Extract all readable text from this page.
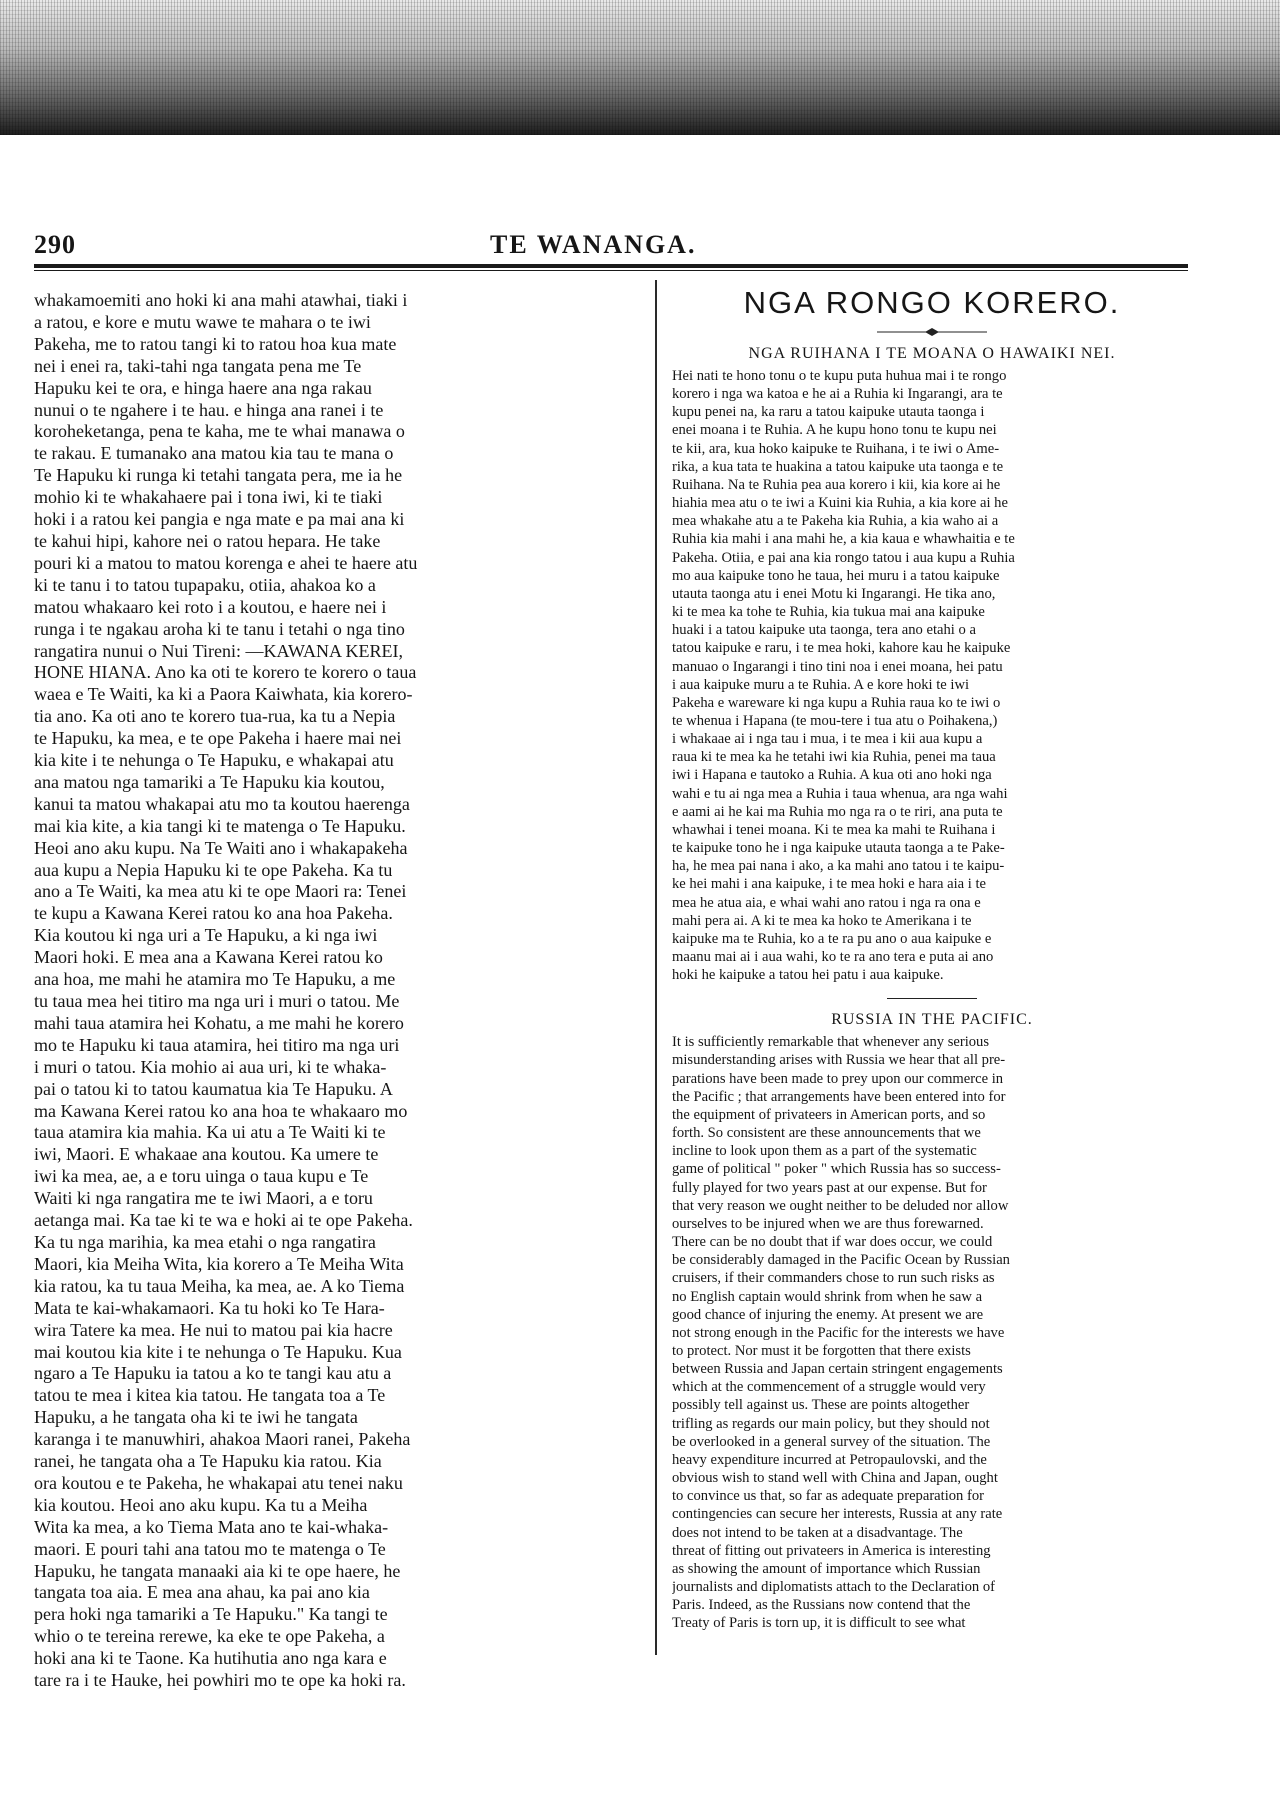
290	TE WANANGA.
whakamoemiti ano hoki ki ana mahi atawhai, tiaki i
a ratou, e kore e mutu wawe te mahara o te iwi
Pakeha, me to ratou tangi ki to ratou hoa kua mate
nei i enei ra, taki-tahi nga tangata pena me Te
Hapuku kei te ora, e hinga haere ana nga rakau
nunui o te ngahere i te hau. e hinga ana ranei i te
koroheketanga, pena te kaha, me te whai manawa o
te rakau. E tumanako ana matou kia tau te mana o
Te Hapuku ki runga ki tetahi tangata pera, me ia he
mohio ki te whakahaere pai i tona iwi, ki te tiaki
hoki i a ratou kei pangia e nga mate e pa mai ana ki
te kahui hipi, kahore nei o ratou hepara. He take
pouri ki a matou to matou korenga e ahei te haere atu
ki te tanu i to tatou tupapaku, otiia, ahakoa ko a
matou whakaaro kei roto i a koutou, e haere nei i
runga i te ngakau aroha ki te tanu i tetahi o nga tino
rangatira nunui o Nui Tireni: —KAWANA KEREI,
HONE HIANA. Ano ka oti te korero te korero o taua
waea e Te Waiti, ka ki a Paora Kaiwhata, kia korero-
tia ano. Ka oti ano te korero tua-rua, ka tu a Nepia
te Hapuku, ka mea, e te ope Pakeha i haere mai nei
kia kite i te nehunga o Te Hapuku, e whakapai atu
ana matou nga tamariki a Te Hapuku kia koutou,
kanui ta matou whakapai atu mo ta koutou haerenga
mai kia kite, a kia tangi ki te matenga o Te Hapuku.
Heoi ano aku kupu. Na Te Waiti ano i whakapakeha
aua kupu a Nepia Hapuku ki te ope Pakeha. Ka tu
ano a Te Waiti, ka mea atu ki te ope Maori ra: Tenei
te kupu a Kawana Kerei ratou ko ana hoa Pakeha.
Kia koutou ki nga uri a Te Hapuku, a ki nga iwi
Maori hoki. E mea ana a Kawana Kerei ratou ko
ana hoa, me mahi he atamira mo Te Hapuku, a me
tu taua mea hei titiro ma nga uri i muri o tatou. Me
mahi taua atamira hei Kohatu, a me mahi he korero
mo te Hapuku ki taua atamira, hei titiro ma nga uri
i muri o tatou. Kia mohio ai aua uri, ki te whaka-
pai o tatou ki to tatou kaumatua kia Te Hapuku. A
ma Kawana Kerei ratou ko ana hoa te whakaaro mo
taua atamira kia mahia. Ka ui atu a Te Waiti ki te
iwi, Maori. E whakaae ana koutou. Ka umere te
iwi ka mea, ae, a e toru uinga o taua kupu e Te
Waiti ki nga rangatira me te iwi Maori, a e toru
aetanga mai. Ka tae ki te wa e hoki ai te ope Pakeha.
Ka tu nga marihia, ka mea etahi o nga rangatira
Maori, kia Meiha Wita, kia korero a Te Meiha Wita
kia ratou, ka tu taua Meiha, ka mea, ae. A ko Tiema
Mata te kai-whakamaori. Ka tu hoki ko Te Hara-
wira Tatere ka mea. He nui to matou pai kia hacre
mai koutou kia kite i te nehunga o Te Hapuku. Kua
ngaro a Te Hapuku ia tatou a ko te tangi kau atu a
tatou te mea i kitea kia tatou. He tangata toa a Te
Hapuku, a he tangata oha ki te iwi he tangata
karanga i te manuwhiri, ahakoa Maori ranei, Pakeha
ranei, he tangata oha a Te Hapuku kia ratou. Kia
ora koutou e te Pakeha, he whakapai atu tenei naku
kia koutou. Heoi ano aku kupu. Ka tu a Meiha
Wita ka mea, a ko Tiema Mata ano te kai-whaka-
maori. E pouri tahi ana tatou mo te matenga o Te
Hapuku, he tangata manaaki aia ki te ope haere, he
tangata toa aia. E mea ana ahau, ka pai ano kia
pera hoki nga tamariki a Te Hapuku." Ka tangi te
whio o te tereina rerewe, ka eke te ope Pakeha, a
hoki ana ki te Taone. Ka hutihutia ano nga kara e
tare ra i te Hauke, hei powhiri mo te ope ka hoki ra.
NGA RONGO KORERO.
NGA RUIHANA I TE MOANA O HAWAIKI NEI.
Hei nati te hono tonu o te kupu puta huhua mai i te rongo
korero i nga wa katoa e he ai a Ruhia ki Ingarangi, ara te
kupu penei na, ka raru a tatou kaipuke utauta taonga i
enei moana i te Ruhia. A he kupu hono tonu te kupu nei
te kii, ara, kua hoko kaipuke te Ruihana, i te iwi o Ame-
rika, a kua tata te huakina a tatou kaipuke uta taonga e te
Ruihana. Na te Ruhia pea aua korero i kii, kia kore ai he
hiahia mea atu o te iwi a Kuini kia Ruhia, a kia kore ai he
mea whakahe atu a te Pakeha kia Ruhia, a kia waho ai a
Ruhia kia mahi i ana mahi he, a kia kaua e whawhaitia e te
Pakeha. Otiia, e pai ana kia rongo tatou i aua kupu a Ruhia
mo aua kaipuke tono he taua, hei muru i a tatou kaipuke
utauta taonga atu i enei Motu ki Ingarangi. He tika ano,
ki te mea ka tohe te Ruhia, kia tukua mai ana kaipuke
huaki i a tatou kaipuke uta taonga, tera ano etahi o a
tatou kaipuke e raru, i te mea hoki, kahore kau he kaipuke
manuao o Ingarangi i tino tini noa i enei moana, hei patu
i aua kaipuke muru a te Ruhia. A e kore hoki te iwi
Pakeha e wareware ki nga kupu a Ruhia raua ko te iwi o
te whenua i Hapana (te mou-tere i tua atu o Poihakena,)
i whakaae ai i nga tau i mua, i te mea i kii aua kupu a
raua ki te mea ka he tetahi iwi kia Ruhia, penei ma taua
iwi i Hapana e tautoko a Ruhia. A kua oti ano hoki nga
wahi e tu ai nga mea a Ruhia i taua whenua, ara nga wahi
e aami ai he kai ma Ruhia mo nga ra o te riri, ana puta te
whawhai i tenei moana. Ki te mea ka mahi te Ruihana i
te kaipuke tono he i nga kaipuke utauta taonga a te Pake-
ha, he mea pai nana i ako, a ka mahi ano tatou i te kaipu-
ke hei mahi i ana kaipuke, i te mea hoki e hara aia i te
mea he atua aia, e whai wahi ano ratou i nga ra ona e
mahi pera ai. A ki te mea ka hoko te Amerikana i te
kaipuke ma te Ruhia, ko a te ra pu ano o aua kaipuke e
maanu mai ai i aua wahi, ko te ra ano tera e puta ai ano
hoki he kaipuke a tatou hei patu i aua kaipuke.
RUSSIA IN THE PACIFIC.
It is sufficiently remarkable that whenever any serious
misunderstanding arises with Russia we hear that all pre-
parations have been made to prey upon our commerce in
the Pacific ; that arrangements have been entered into for
the equipment of privateers in American ports, and so
forth. So consistent are these announcements that we
incline to look upon them as a part of the systematic
game of political " poker " which Russia has so success-
fully played for two years past at our expense. But for
that very reason we ought neither to be deluded nor allow
ourselves to be injured when we are thus forewarned.
There can be no doubt that if war does occur, we could
be considerably damaged in the Pacific Ocean by Russian
cruisers, if their commanders chose to run such risks as
no English captain would shrink from when he saw a
good chance of injuring the enemy. At present we are
not strong enough in the Pacific for the interests we have
to protect. Nor must it be forgotten that there exists
between Russia and Japan certain stringent engagements
which at the commencement of a struggle would very
possibly tell against us. These are points altogether
trifling as regards our main policy, but they should not
be overlooked in a general survey of the situation. The
heavy expenditure incurred at Petropaulovski, and the
obvious wish to stand well with China and Japan, ought
to convince us that, so far as adequate preparation for
contingencies can secure her interests, Russia at any rate
does not intend to be taken at a disadvantage. The
threat of fitting out privateers in America is interesting
as showing the amount of importance which Russian
journalists and diplomatists attach to the Declaration of
Paris. Indeed, as the Russians now contend that the
Treaty of Paris is torn up, it is difficult to see what
